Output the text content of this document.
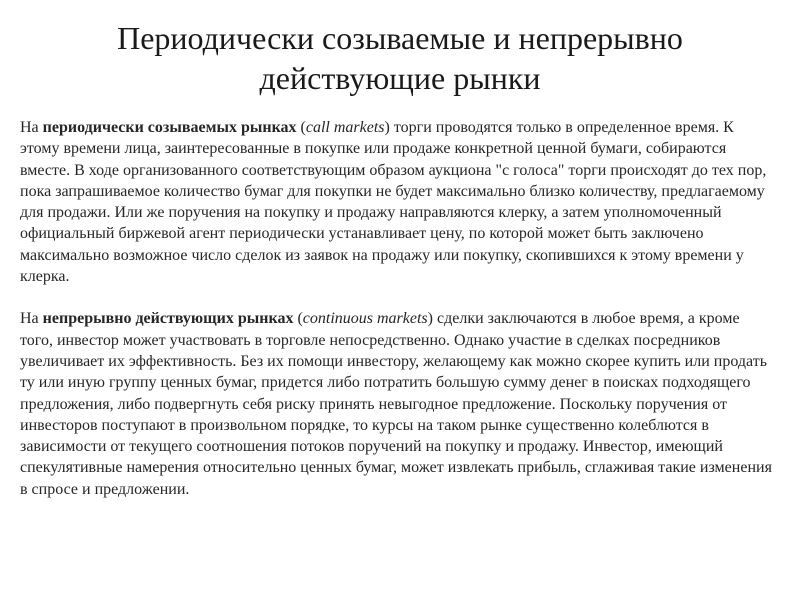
Периодически созываемые и непрерывно действующие рынки

На периодически созываемых рынках (call markets) торги проводятся только в определенное время. К этому времени лица, заинтересованные в покупке или продаже конкретной ценной бумаги, собираются вместе. В ходе организованного соответствующим образом аукциона "с голоса" торги происходят до тех пор, пока запрашиваемое количество бумаг для покупки не будет максимально близко количеству, предлагаемому для продажи. Или же поручения на покупку и продажу направляются клерку, а затем уполномоченный официальный биржевой агент периодически устанавливает цену, по которой может быть заключено максимально возможное число сделок из заявок на продажу или покупку, скопившихся к этому времени у клерка.

На непрерывно действующих рынках (continuous markets) сделки заключаются в любое время, а кроме того, инвестор может участвовать в торговле непосредственно. Однако участие в сделках посредников увеличивает их эффективность. Без их помощи инвестору, желающему как можно скорее купить или продать ту или иную группу ценных бумаг, придется либо потратить большую сумму денег в поисках подходящего предложения, либо подвергнуть себя риску принять невыгодное предложение. Поскольку поручения от инвесторов поступают в произвольном порядке, то курсы на таком рынке существенно колеблются в зависимости от текущего соотношения потоков поручений на покупку и продажу. Инвестор, имеющий спекулятивные намерения относительно ценных бумаг, может извлекать прибыль, сглаживая такие изменения в спросе и предложении.
